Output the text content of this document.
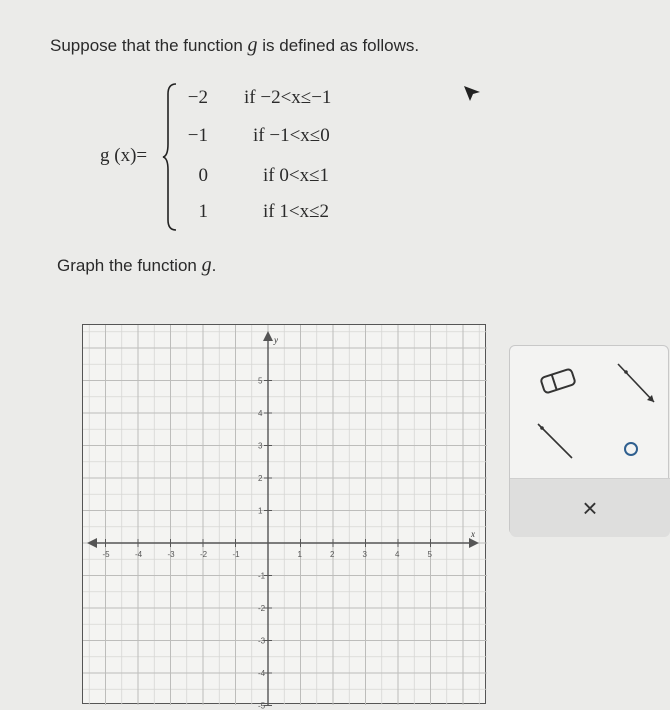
Suppose that the function g is defined as follows.
g (x)=
−2 if −2<x≤−1
−1 if −1<x≤0
0	if 0<x≤1
1	if 1<x≤2
Graph the function g.
x
y
-5	-4	-3	-2	-1	1	2	3	4	5
5
4
3
2
1
-1
-2
-3
-4
-5
×
